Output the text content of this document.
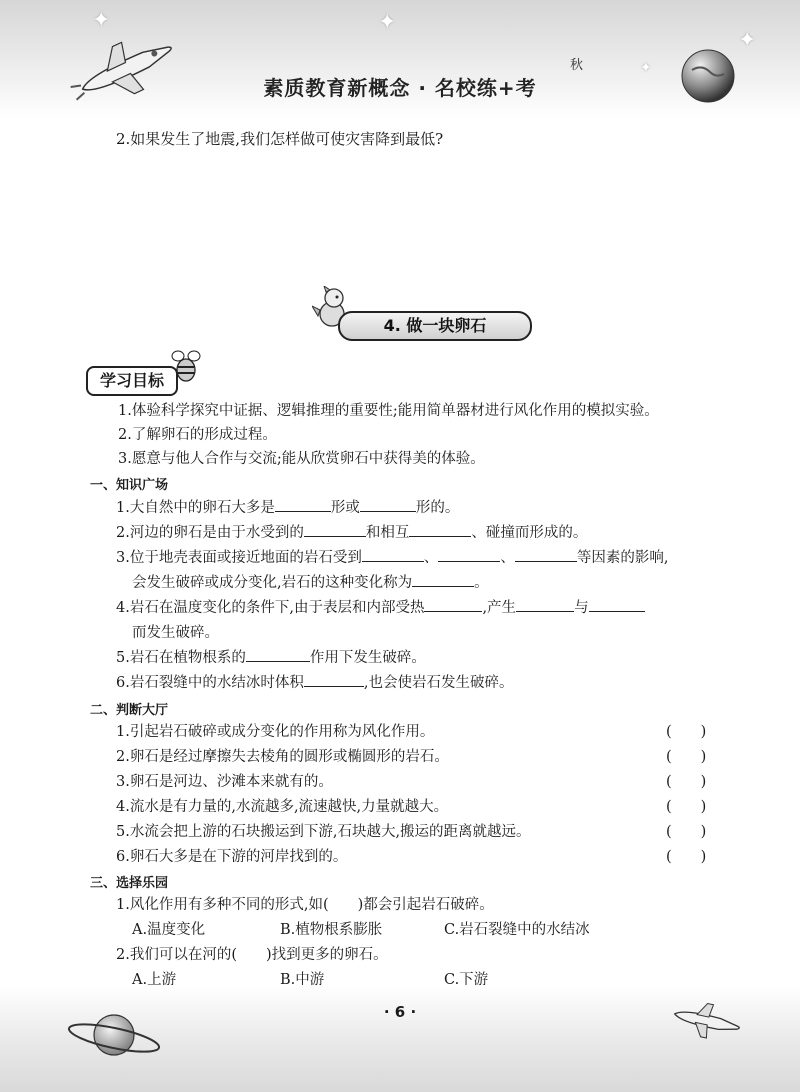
✦	✦
✦
✦
秋
素质教育新概念 · 名校练+考
2.如果发生了地震,我们怎样做可使灾害降到最低?
4. 做一块卵石
学习目标
1.体验科学探究中证据、逻辑推理的重要性;能用简单器材进行风化作用的模拟实验。
2.了解卵石的形成过程。
3.愿意与他人合作与交流;能从欣赏卵石中获得美的体验。
一、知识广场
1.大自然中的卵石大多是	形或	形的。
2.河边的卵石是由于水受到的	和相互	、碰撞而形成的。
3.位于地壳表面或接近地面的岩石受到	、	、	等因素的影响,
会发生破碎或成分变化,岩石的这种变化称为	。
4.岩石在温度变化的条件下,由于表层和内部受热	,产生	与
而发生破碎。
5.岩石在植物根系的	作用下发生破碎。
6.岩石裂缝中的水结冰时体积	,也会使岩石发生破碎。
二、判断大厅
1.引起岩石破碎或成分变化的作用称为风化作用。	(　　)
2.卵石是经过摩擦失去棱角的圆形或椭圆形的岩石。	(　　)
3.卵石是河边、沙滩本来就有的。	(　　)
4.流水是有力量的,水流越多,流速越快,力量就越大。	(　　)
5.水流会把上游的石块搬运到下游,石块越大,搬运的距离就越远。	(　　)
6.卵石大多是在下游的河岸找到的。	(　　)
三、选择乐园
1.风化作用有多种不同的形式,如(　　)都会引起岩石破碎。
A.温度变化	B.植物根系膨胀	C.岩石裂缝中的水结冰
2.我们可以在河的(　　)找到更多的卵石。
A.上游	B.中游	C.下游
· 6 ·
